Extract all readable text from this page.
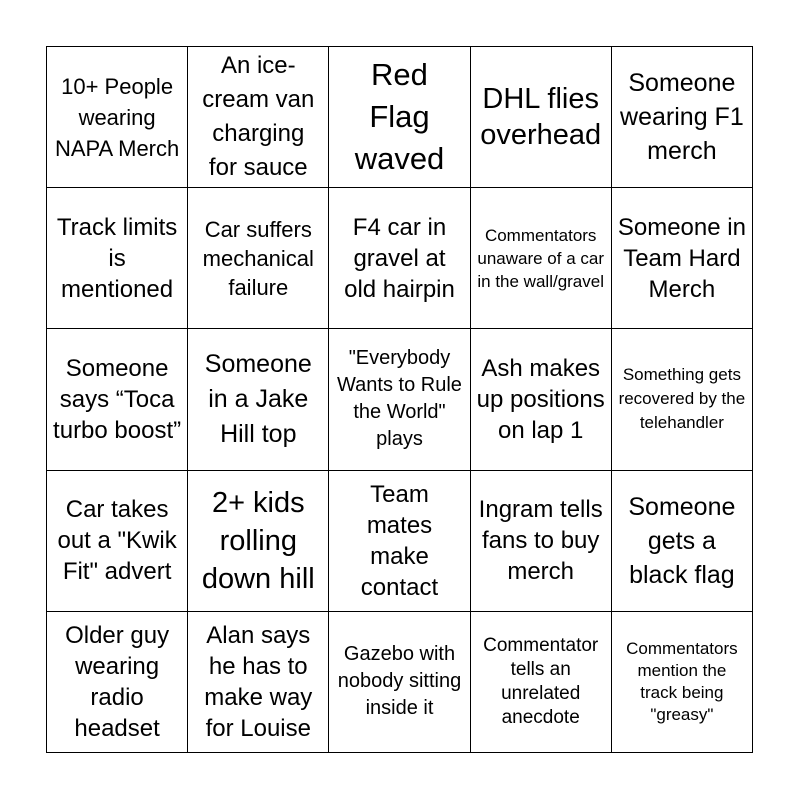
10+ People wearing NAPA Merch
An ice-cream van charging for sauce
Red Flag waved
DHL flies overhead
Someone wearing F1 merch
Track limits is mentioned
Car suffers mechanical failure
F4 car in gravel at old hairpin
Commentators unaware of a car in the wall/gravel
Someone in Team Hard Merch
Someone says “Toca turbo boost”
Someone in a Jake Hill top
"Everybody Wants to Rule the World" plays
Ash makes up positions on lap 1
Something gets recovered by the telehandler
Car takes out a "Kwik Fit" advert
2+ kids rolling down hill
Team mates make contact
Ingram tells fans to buy merch
Someone gets a black flag
Older guy wearing radio headset
Alan says he has to make way for Louise
Gazebo with nobody sitting inside it
Commentator tells an unrelated anecdote
Commentators mention the track being "greasy"
